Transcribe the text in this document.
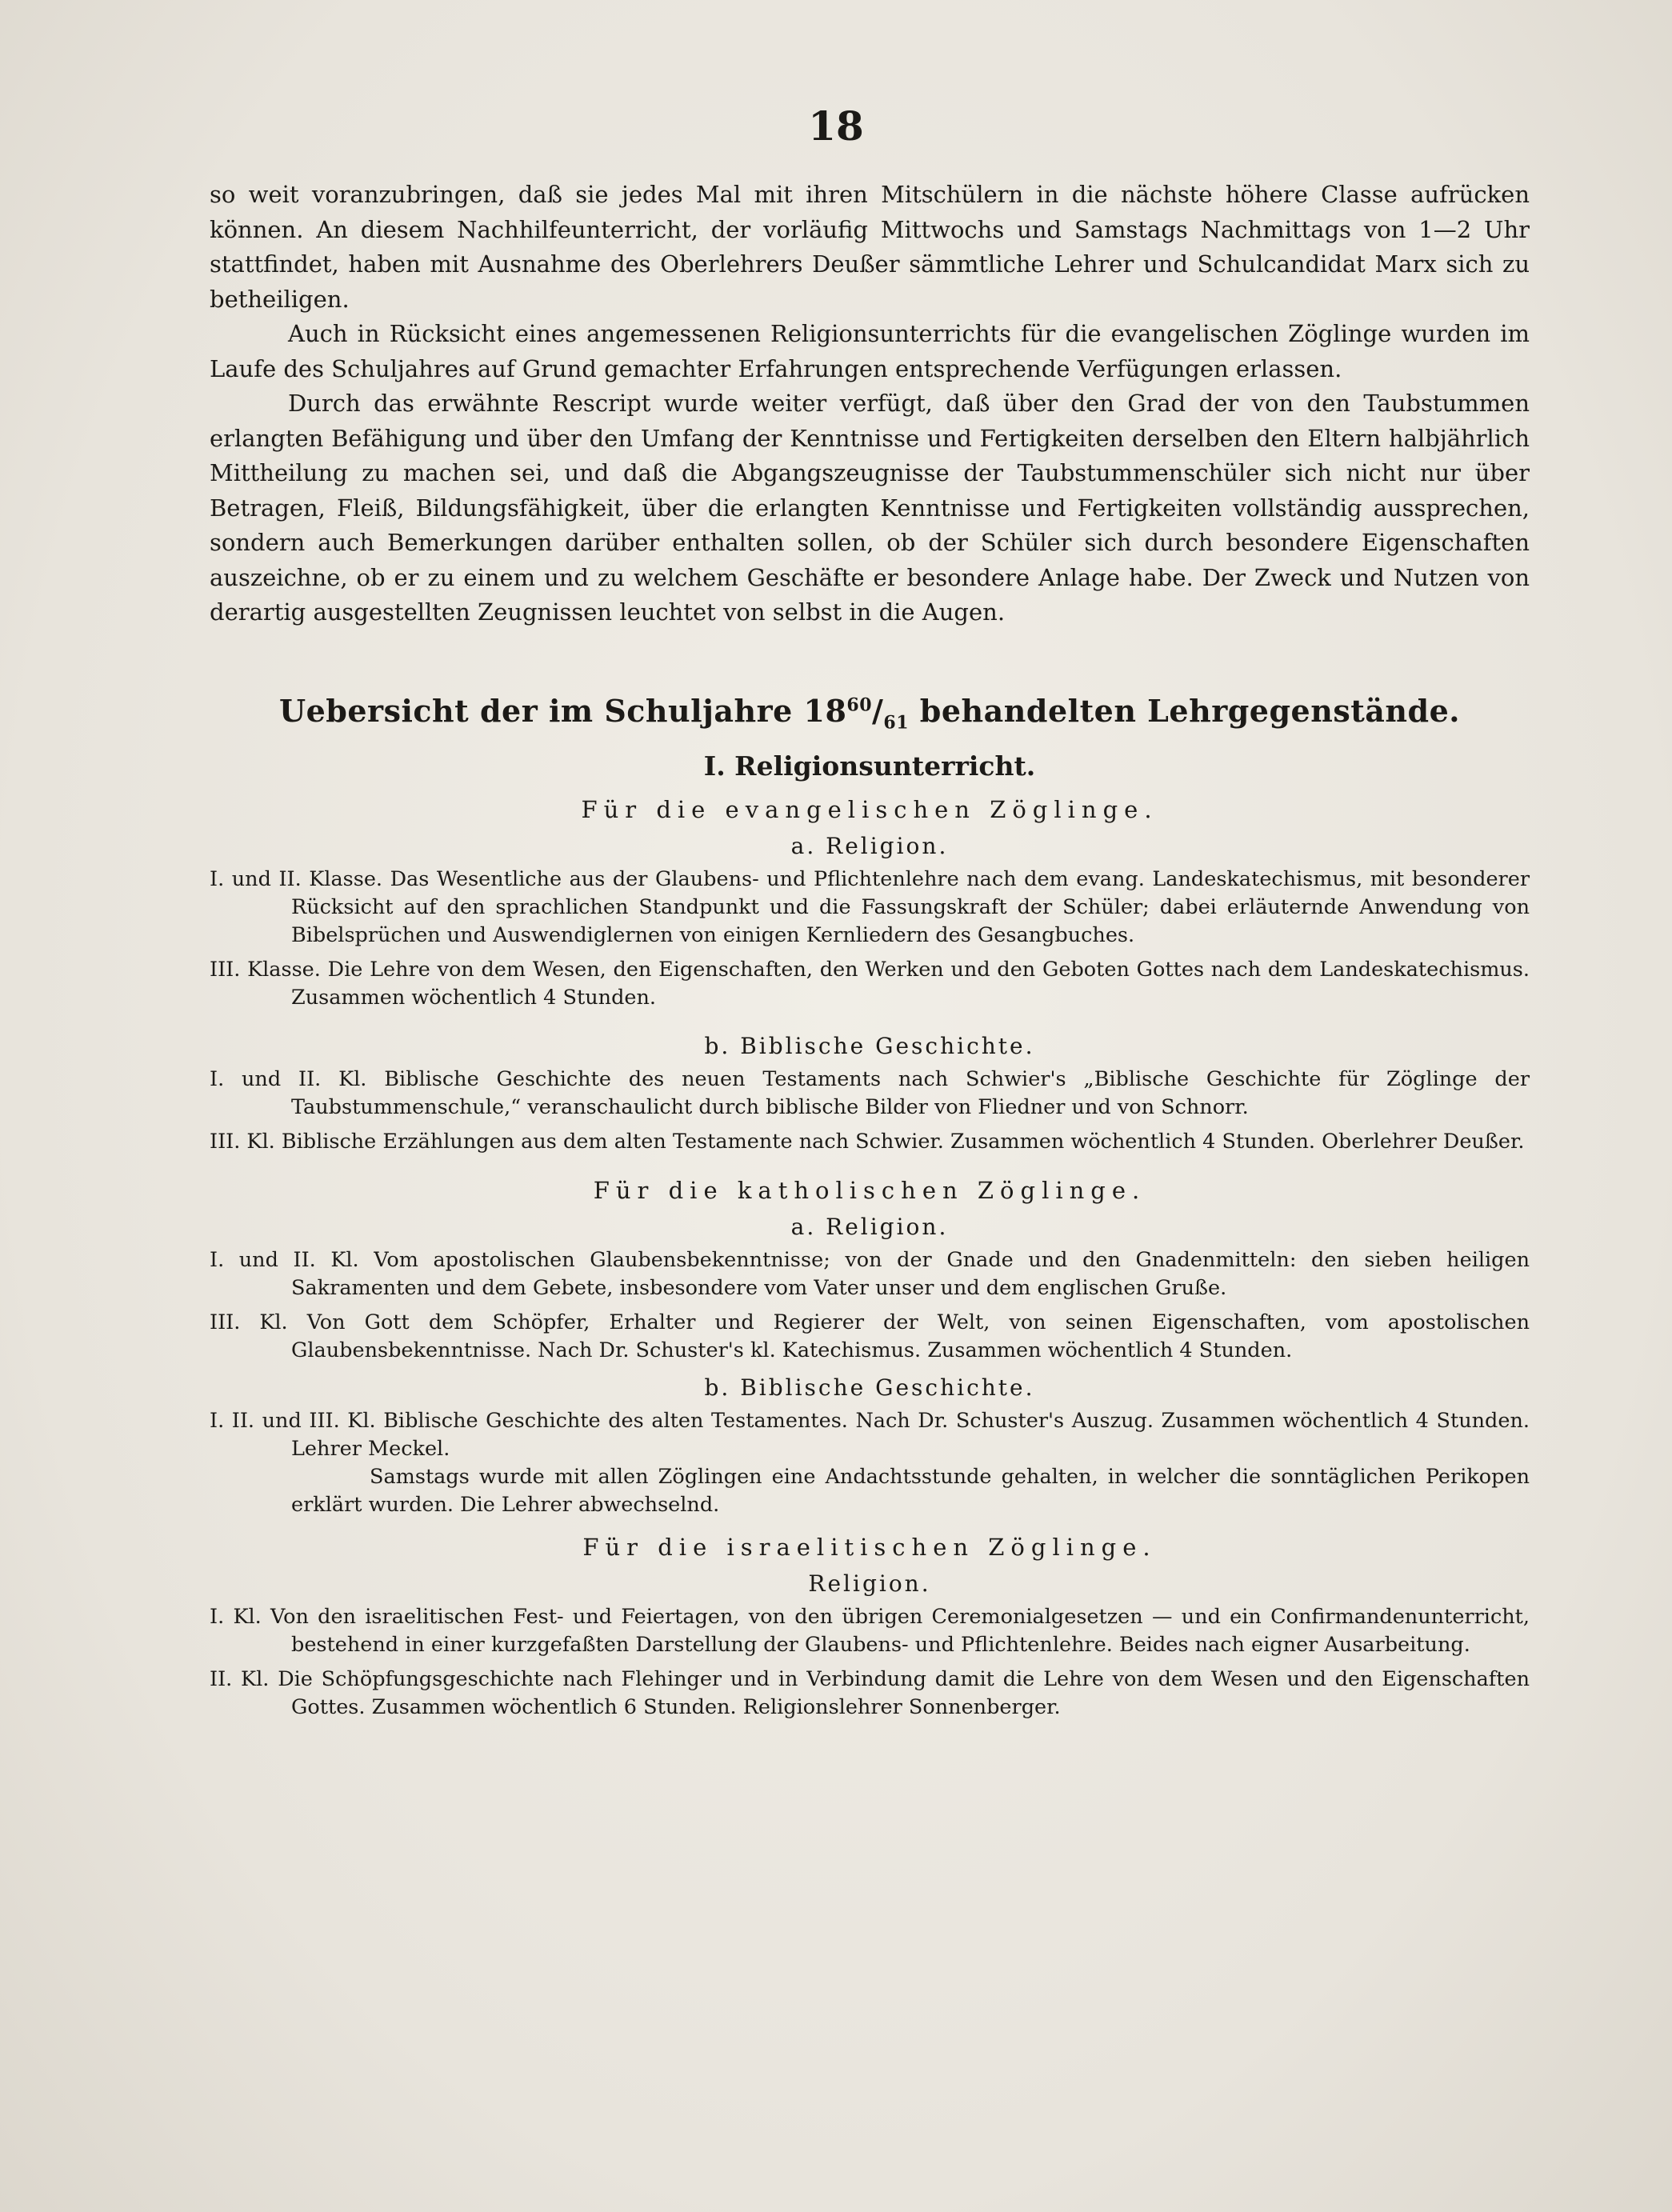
18

so weit voranzubringen, daß sie jedes Mal mit ihren Mitschülern in die nächste höhere Classe aufrücken können. An diesem Nachhilfeunterricht, der vorläufig Mittwochs und Samstags Nachmittags von 1—2 Uhr stattfindet, haben mit Ausnahme des Oberlehrers Deußer sämmtliche Lehrer und Schulcandidat Marx sich zu betheiligen.

Auch in Rücksicht eines angemessenen Religionsunterrichts für die evangelischen Zöglinge wurden im Laufe des Schuljahres auf Grund gemachter Erfahrungen entsprechende Verfügungen erlassen.

Durch das erwähnte Rescript wurde weiter verfügt, daß über den Grad der von den Taubstummen erlangten Befähigung und über den Umfang der Kenntnisse und Fertigkeiten derselben den Eltern halbjährlich Mittheilung zu machen sei, und daß die Abgangszeugnisse der Taubstummenschüler sich nicht nur über Betragen, Fleiß, Bildungsfähigkeit, über die erlangten Kenntnisse und Fertigkeiten vollständig aussprechen, sondern auch Bemerkungen darüber enthalten sollen, ob der Schüler sich durch besondere Eigenschaften auszeichne, ob er zu einem und zu welchem Geschäfte er besondere Anlage habe. Der Zweck und Nutzen von derartig ausgestellten Zeugnissen leuchtet von selbst in die Augen.

Uebersicht der im Schuljahre $18^{60}/_{61}$ behandelten Lehrgegenstände.
I. Religionsunterricht.
Für die evangelischen Zöglinge.
a. Religion.

I. und II. Klasse. Das Wesentliche aus der Glaubens- und Pflichtenlehre nach dem evang. Landeskatechismus, mit besonderer Rücksicht auf den sprachlichen Standpunkt und die Fassungskraft der Schüler; dabei erläuternde Anwendung von Bibelsprüchen und Auswendiglernen von einigen Kernliedern des Gesangbuches.

III. Klasse. Die Lehre von dem Wesen, den Eigenschaften, den Werken und den Geboten Gottes nach dem Landeskatechismus. Zusammen wöchentlich 4 Stunden.

b. Biblische Geschichte.

I. und II. Kl. Biblische Geschichte des neuen Testaments nach Schwier's „Biblische Geschichte für Zöglinge der Taubstummenschule,“ veranschaulicht durch biblische Bilder von Fliedner und von Schnorr.

III. Kl. Biblische Erzählungen aus dem alten Testamente nach Schwier. Zusammen wöchentlich 4 Stunden. Oberlehrer Deußer.

Für die katholischen Zöglinge.
a. Religion.

I. und II. Kl. Vom apostolischen Glaubensbekenntnisse; von der Gnade und den Gnadenmitteln: den sieben heiligen Sakramenten und dem Gebete, insbesondere vom Vater unser und dem englischen Gruße.

III. Kl. Von Gott dem Schöpfer, Erhalter und Regierer der Welt, von seinen Eigenschaften, vom apostolischen Glaubensbekenntnisse. Nach Dr. Schuster's kl. Katechismus. Zusammen wöchentlich 4 Stunden.

b. Biblische Geschichte.

I. II. und III. Kl. Biblische Geschichte des alten Testamentes. Nach Dr. Schuster's Auszug. Zusammen wöchentlich 4 Stunden. Lehrer Meckel.

Samstags wurde mit allen Zöglingen eine Andachtsstunde gehalten, in welcher die sonntäglichen Perikopen erklärt wurden. Die Lehrer abwechselnd.

Für die israelitischen Zöglinge.
Religion.

I. Kl. Von den israelitischen Fest- und Feiertagen, von den übrigen Ceremonialgesetzen — und ein Confirmandenunterricht, bestehend in einer kurzgefaßten Darstellung der Glaubens- und Pflichtenlehre. Beides nach eigner Ausarbeitung.

II. Kl. Die Schöpfungsgeschichte nach Flehinger und in Verbindung damit die Lehre von dem Wesen und den Eigenschaften Gottes. Zusammen wöchentlich 6 Stunden. Religionslehrer Sonnenberger.
